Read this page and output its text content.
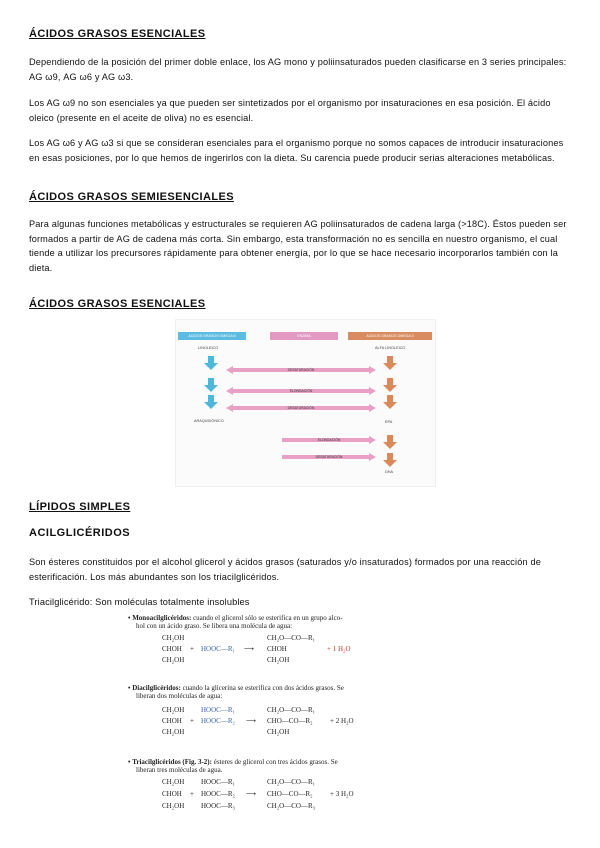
ÁCIDOS GRASOS ESENCIALES

Dependiendo de la posición del primer doble enlace, los AG mono y poliinsaturados pueden clasificarse en 3 series principales: AG ω9, AG ω6 y AG ω3.

Los AG ω9 no son esenciales ya que pueden ser sintetizados por el organismo por insaturaciones en esa posición. El ácido oleico (presente en el aceite de oliva) no es esencial.

Los AG ω6 y AG ω3 si que se consideran esenciales para el organismo porque no somos capaces de introducir insaturaciones en esas posiciones, por lo que hemos de ingerirlos con la dieta. Su carencia puede producir serias alteraciones metabólicas.

ÁCIDOS GRASOS SEMIESENCIALES

Para algunas funciones metabólicas y estructurales se requieren AG poliinsaturados de cadena larga (>18C). Éstos pueden ser formados a partir de AG de cadena más corta. Sin embargo, esta transformación no es sencilla en nuestro organismo, el cual tiende a utilizar los precursores rápidamente para obtener energía, por lo que se hace necesario incorporarlos también con la dieta.

ÁCIDOS GRASOS ESENCIALES
ACIDOS GRASOS OMEGA 6	ENZIMA	ACIDOS GRASOS OMEGA 3
LINOLEICO	ALFA LINOLEICO
DESATURACIÓN
ELONGACIÓN
DESATURACIÓN
ARAQUIDÓNICO	EPA
ELONGACIÓN
DESATURACIÓN
DHA
LÍPIDOS SIMPLES
ACILGLICÉRIDOS

Son ésteres constituidos por el alcohol glicerol y ácidos grasos (saturados y/o insaturados) formados por una reacción de esterificación. Los más abundantes son los triacilglicéridos.

Triacilglicérido: Son moléculas totalmente insolubles

• Monoacilglicéridos: cuando el glicerol sólo se esterifica en un grupo alco-
hol con un ácido graso. Se libera una molécula de agua:
CH₂OH	CH₂O—CO—R₁
CHOH + HOOC—R₁ ⟶ CHOH	+ 1 H₂O
CH₂OH	CH₂OH
• Diacilglicéridos: cuando la glicerina se esterifica con dos ácidos grasos. Se
liberan dos moléculas de agua:
CH₂OH HOOC—R₁	CH₂O—CO—R₁
CHOH + HOOC—R₂ ⟶ CHO—CO—R₂ + 2 H₂O
CH₂OH	CH₂OH
• Triacilglicéridos (Fig. 3-2): ésteres de glicerol con tres ácidos grasos. Se
liberan tres moléculas de agua.
CH₂OH HOOC—R₁	CH₂O—CO—R₁
CHOH + HOOC—R₂ ⟶ CHO—CO—R₂ + 3 H₂O
CH₂OH HOOC—R₃	CH₂O—CO—R₃
